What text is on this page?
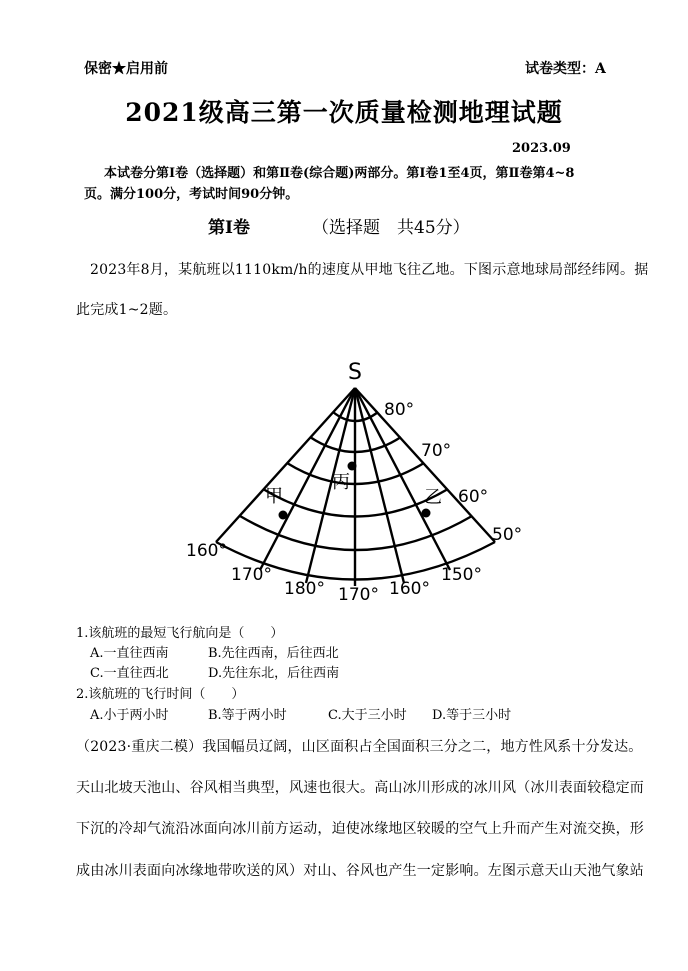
保密★启用前	试卷类型：A
2021级高三第一次质量检测地理试题
2023.09
本试卷分第Ⅰ卷（选择题）和第Ⅱ卷(综合题)两部分。第Ⅰ卷1至4页，第Ⅱ卷第4~8
页。满分100分，考试时间90分钟。
第Ⅰ卷	（选择题　共45分）
2023年8月，某航班以1110km/h的速度从甲地飞往乙地。下图示意地球局部经纬网。据
此完成1~2题。
S
80°
70°
60°
50°
160°
170°
180° 170° 160°
150°
甲
丙
乙
1.该航班的最短飞行航向是（　　）
A.一直往西南	B.先往西南，后往西北
C.一直往西北	D.先往东北，后往西南
2.该航班的飞行时间（　　）
A.小于两小时	B.等于两小时	C.大于三小时 D.等于三小时
（2023·重庆二模）我国幅员辽阔，山区面积占全国面积三分之二，地方性风系十分发达。
天山北坡天池山、谷风相当典型，风速也很大。高山冰川形成的冰川风（冰川表面较稳定而
下沉的冷却气流沿冰面向冰川前方运动，迫使冰缘地区较暖的空气上升而产生对流交换，形
成由冰川表面向冰缘地带吹送的风）对山、谷风也产生一定影响。左图示意天山天池气象站
